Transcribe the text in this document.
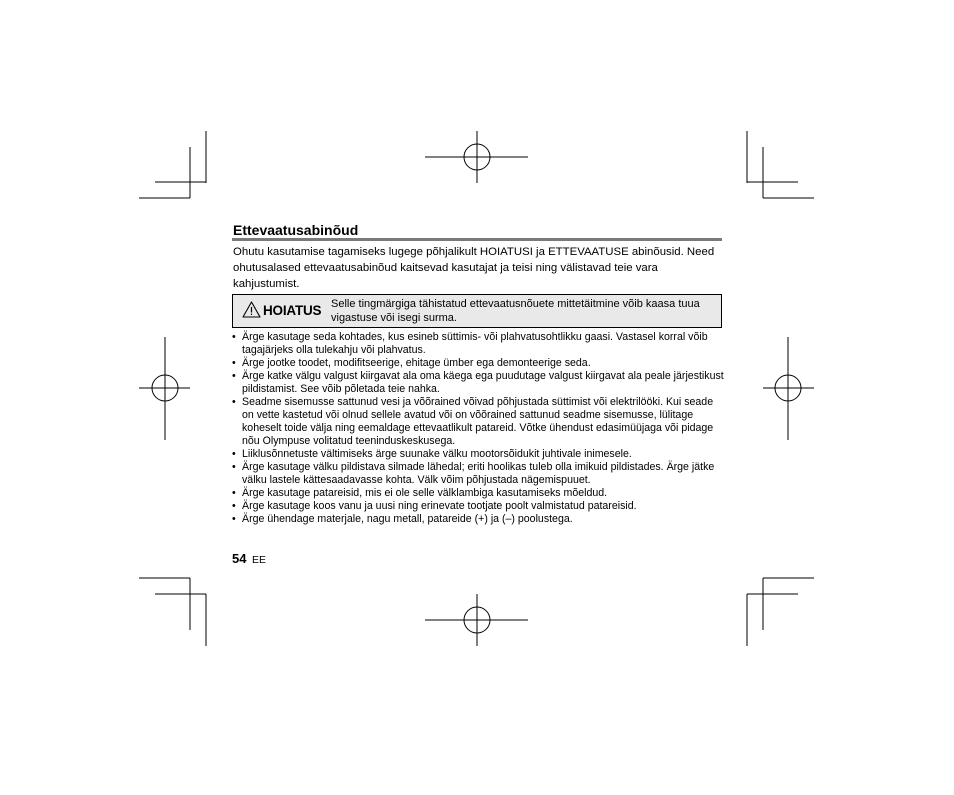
Ettevaatusabinõud

Ohutu kasutamise tagamiseks lugege põhjalikult HOIATUSI ja ETTEVAATUSE abinõusid. Need ohutusalased ettevaatusabinõud kaitsevad kasutajat ja teisi ning välistavad teie vara kahjustumist.

HOIATUS Selle tingmärgiga tähistatud ettevaatusnõuete mittetäitmine võib kaasa tuua vigastuse või isegi surma.
• Ärge kasutage seda kohtades, kus esineb süttimis- või plahvatusohtlikku gaasi. Vastasel korral võib tagajärjeks olla tulekahju või plahvatus.
• Ärge jootke toodet, modifitseerige, ehitage ümber ega demonteerige seda.
• Ärge katke välgu valgust kiirgavat ala oma käega ega puudutage valgust kiirgavat ala peale järjestikust pildistamist. See võib põletada teie nahka.
• Seadme sisemusse sattunud vesi ja võõrained võivad põhjustada süttimist või elektrilööki. Kui seade on vette kastetud või olnud sellele avatud või on võõrained sattunud seadme sisemusse, lülitage koheselt toide välja ning eemaldage ettevaatlikult patareid. Võtke ühendust edasimüüjaga või pidage nõu Olympuse volitatud teeninduskeskusega.
• Liiklusõnnetuste vältimiseks ärge suunake välku mootorsõidukit juhtivale inimesele.
• Ärge kasutage välku pildistava silmade lähedal; eriti hoolikas tuleb olla imikuid pildistades. Ärge jätke välku lastele kättesaadavasse kohta. Välk võim põhjustada nägemispuuet.
• Ärge kasutage patareisid, mis ei ole selle välklambiga kasutamiseks mõeldud.
• Ärge kasutage koos vanu ja uusi ning erinevate tootjate poolt valmistatud patareisid.
• Ärge ühendage materjale, nagu metall, patareide (+) ja (–) poolustega.
54 EE
